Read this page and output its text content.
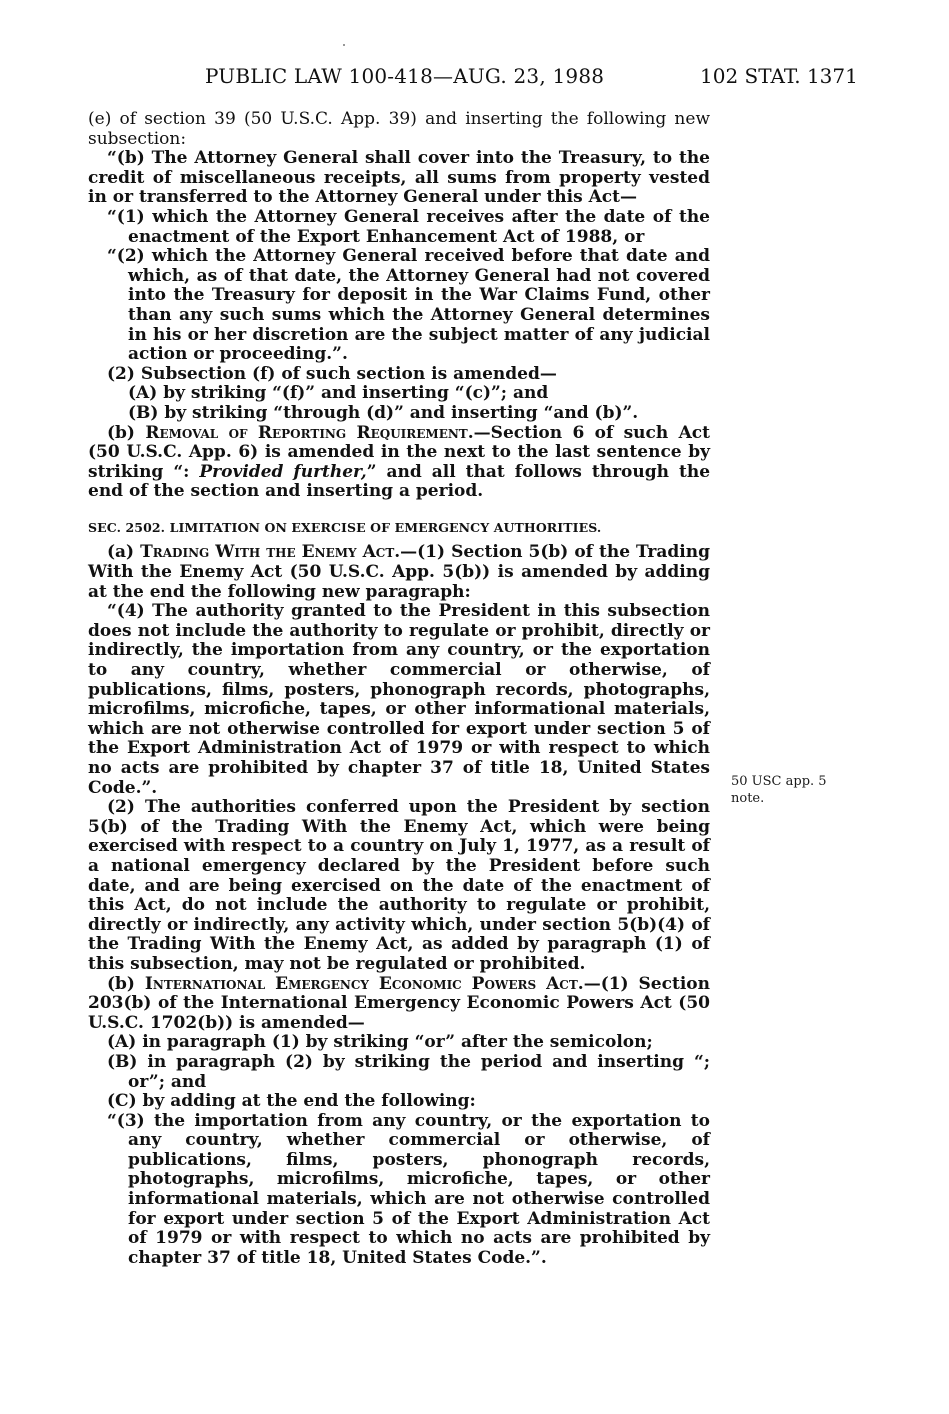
PUBLIC LAW 100-418—AUG. 23, 1988	102 STAT. 1371

(e) of section 39 (50 U.S.C. App. 39) and inserting the following new subsection:

“(b) The Attorney General shall cover into the Treasury, to the credit of miscellaneous receipts, all sums from property vested in or transferred to the Attorney General under this Act—

“(1) which the Attorney General receives after the date of the enactment of the Export Enhancement Act of 1988, or

“(2) which the Attorney General received before that date and which, as of that date, the Attorney General had not covered into the Treasury for deposit in the War Claims Fund, other than any such sums which the Attorney General determines in his or her discretion are the subject matter of any judicial action or proceeding.”.

(2) Subsection (f) of such section is amended—

(A) by striking “(f)” and inserting “(c)”; and

(B) by striking “through (d)” and inserting “and (b)”.

(b) Removal of Reporting Requirement.—Section 6 of such Act (50 U.S.C. App. 6) is amended in the next to the last sentence by striking “: Provided further,” and all that follows through the end of the section and inserting a period.

SEC. 2502. LIMITATION ON EXERCISE OF EMERGENCY AUTHORITIES.

(a) Trading With the Enemy Act.—(1) Section 5(b) of the Trading With the Enemy Act (50 U.S.C. App. 5(b)) is amended by adding at the end the following new paragraph:

“(4) The authority granted to the President in this subsection does not include the authority to regulate or prohibit, directly or indirectly, the importation from any country, or the exportation to any country, whether commercial or otherwise, of publications, films, posters, phonograph records, photographs, microfilms, microfiche, tapes, or other informational materials, which are not otherwise controlled for export under section 5 of the Export Administration Act of 1979 or with respect to which no acts are prohibited by chapter 37 of title 18, United States Code.”.

(2) The authorities conferred upon the President by section 5(b) of the Trading With the Enemy Act, which were being exercised with respect to a country on July 1, 1977, as a result of a national emergency declared by the President before such date, and are being exercised on the date of the enactment of this Act, do not include the authority to regulate or prohibit, directly or indirectly, any activity which, under section 5(b)(4) of the Trading With the Enemy Act, as added by paragraph (1) of this subsection, may not be regulated or prohibited.

(b) International Emergency Economic Powers Act.—(1) Section 203(b) of the International Emergency Economic Powers Act (50 U.S.C. 1702(b)) is amended—

(A) in paragraph (1) by striking “or” after the semicolon;

(B) in paragraph (2) by striking the period and inserting “; or”; and

(C) by adding at the end the following:

“(3) the importation from any country, or the exportation to any country, whether commercial or otherwise, of publications, films, posters, phonograph records, photographs, microfilms, microfiche, tapes, or other informational materials, which are not otherwise controlled for export under section 5 of the Export Administration Act of 1979 or with respect to which no acts are prohibited by chapter 37 of title 18, United States Code.”.

50 USC app. 5
note.
